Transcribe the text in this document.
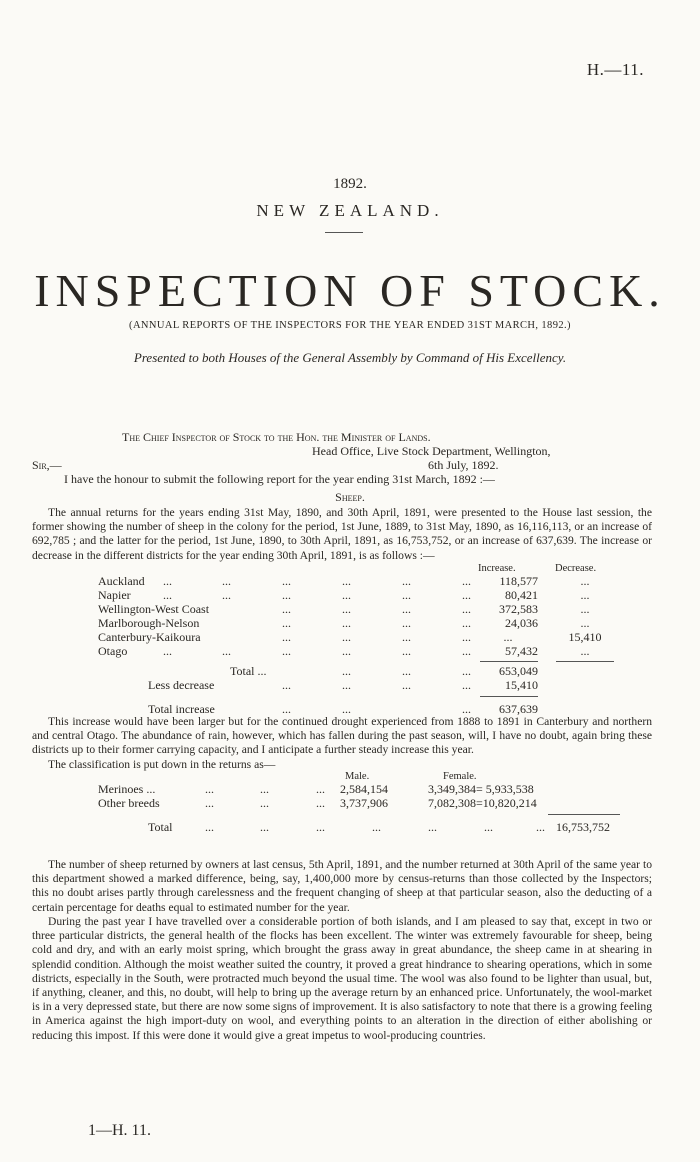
H.—11.
1892.
NEW ZEALAND.
INSPECTION OF STOCK.
(ANNUAL REPORTS OF THE INSPECTORS FOR THE YEAR ENDED 31ST MARCH, 1892.)
Presented to both Houses of the General Assembly by Command of His Excellency.
The Chief Inspector of Stock to the Hon. the Minister of Lands.
Head Office, Live Stock Department, Wellington,
6th July, 1892.
Sir,—
I have the honour to submit the following report for the year ending 31st March, 1892 :—
Sheep.
The annual returns for the years ending 31st May, 1890, and 30th April, 1891, were presented to the House last session, the former showing the number of sheep in the colony for the period, 1st June, 1889, to 31st May, 1890, as 16,116,113, or an increase of 692,785 ; and the latter for the period, 1st June, 1890, to 30th April, 1891, as 16,753,752, or an increase of 637,639. The increase or decrease in the different districts for the year ending 30th April, 1891, is as follows :—
Increase.	Decrease.
Auckland ...	...	...	...	...	...	118,577	...
Napier	...	...	...	...	...	...	80,421	...
Wellington-West Coast	...	...	...	...	372,583	...
Marlborough-Nelson	...	...	...	...	24,036	...
Canterbury-Kaikoura	...	...	...	...	...	15,410
Otago	...	...	...	...	...	...	57,432	...
Total ...	...	...	...	653,049
Less decrease	...	...	...	...	15,410
Total increase	...	...	...	637,639
This increase would have been larger but for the continued drought experienced from 1888 to 1891 in Canterbury and northern and central Otago. The abundance of rain, however, which has fallen during the past season, will, I have no doubt, again bring these districts up to their former carrying capacity, and I anticipate a further steady increase this year.
The classification is put down in the returns as—
Male.	Female.
Merinoes ...	...	...	... 2,584,154	3,349,384= 5,933,538
Other breeds	...	...	... 3,737,906	7,082,308=10,820,214
Total	...	...	...	...	...	...	... 16,753,752
The number of sheep returned by owners at last census, 5th April, 1891, and the number returned at 30th April of the same year to this department showed a marked difference, being, say, 1,400,000 more by census-returns than those collected by the Inspectors; this no doubt arises partly through carelessness and the frequent changing of sheep at that particular season, also the deducting of a certain percentage for deaths equal to estimated number for the year.
During the past year I have travelled over a considerable portion of both islands, and I am pleased to say that, except in two or three particular districts, the general health of the flocks has been excellent. The winter was extremely favourable for sheep, being cold and dry, and with an early moist spring, which brought the grass away in great abundance, the sheep came in at shearing in splendid condition. Although the moist weather suited the country, it proved a great hindrance to shearing operations, which in some districts, especially in the South, were protracted much beyond the usual time. The wool was also found to be lighter than usual, but, if anything, cleaner, and this, no doubt, will help to bring up the average return by an enhanced price. Unfortunately, the wool-market is in a very depressed state, but there are now some signs of improvement. It is also satisfactory to note that there is a growing feeling in America against the high import-duty on wool, and everything points to an alteration in the direction of either abolishing or reducing this impost. If this were done it would give a great impetus to wool-producing countries.
1—H. 11.
